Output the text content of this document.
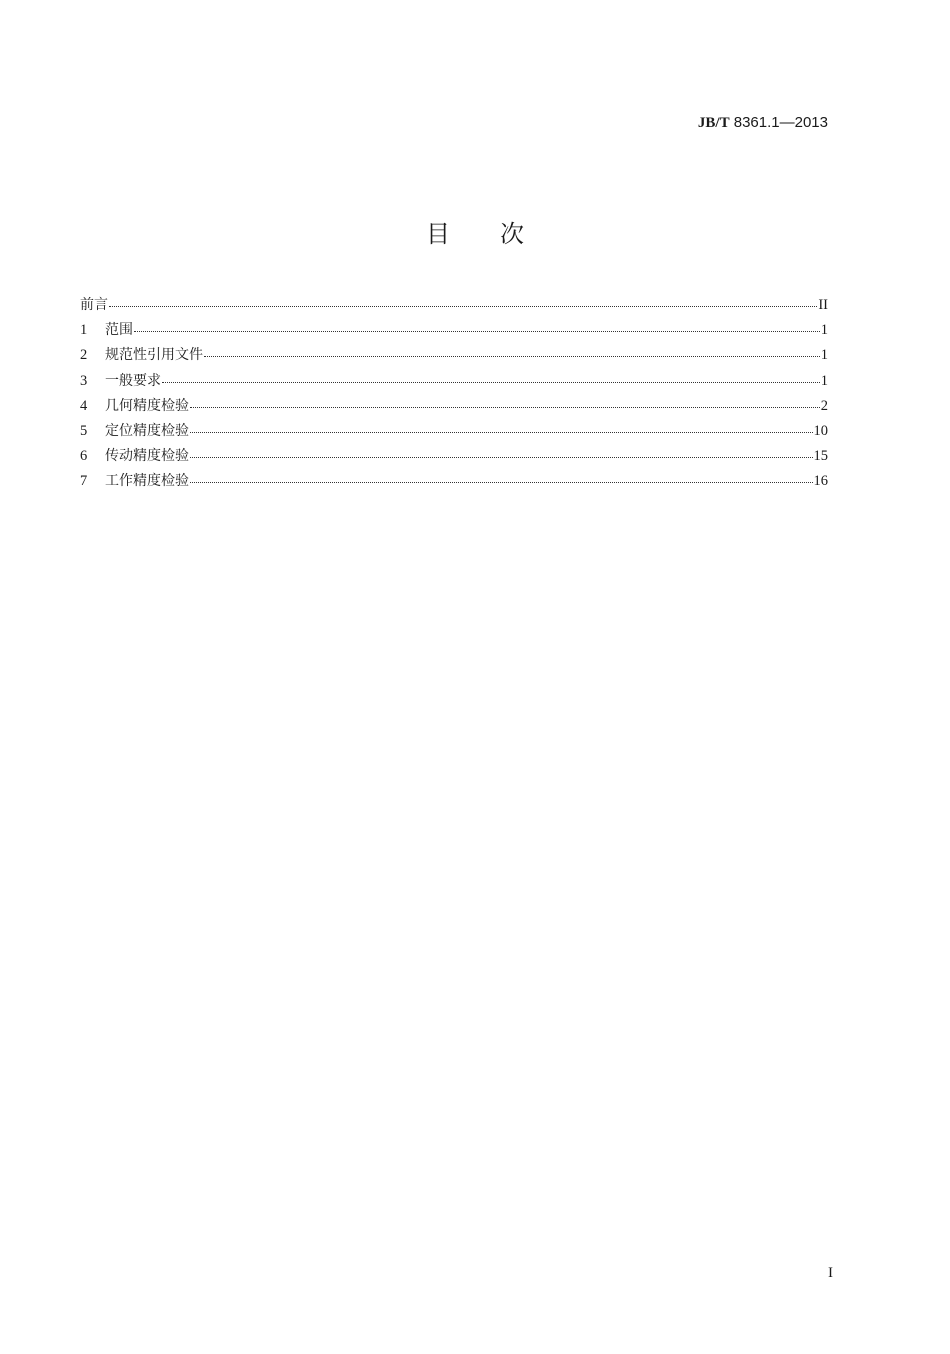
JB/T 8361.1—2013
目 次
前言	II
1	范围	1
2	规范性引用文件	1
3	一般要求	1
4	几何精度检验	2
5	定位精度检验	10
6	传动精度检验	15
7	工作精度检验	16
I
